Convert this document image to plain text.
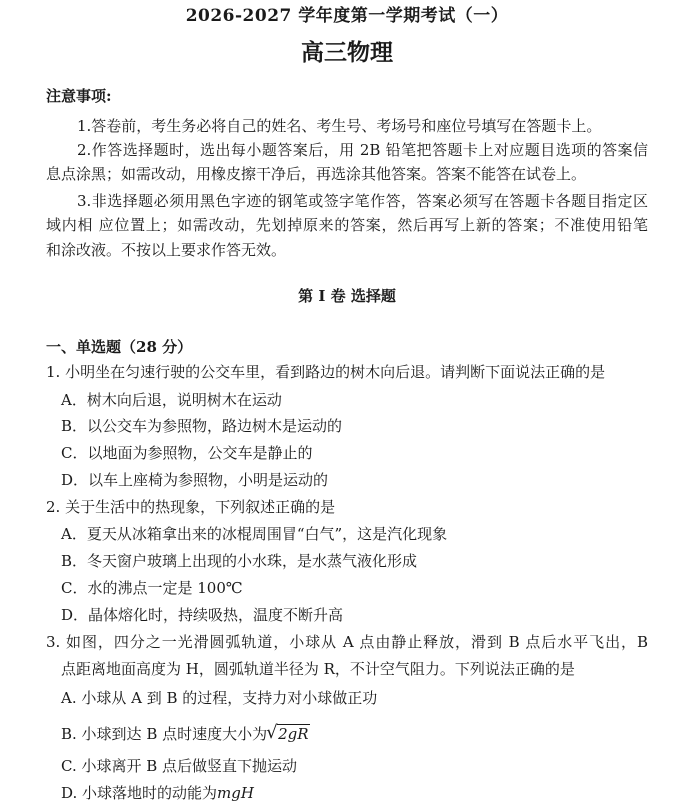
2026-2027 学年度第一学期考试（一）
高三物理
注意事项:
1.答卷前，考生务必将自己的姓名、考生号、考场号和座位号填写在答题卡上。
2.作答选择题时，选出每小题答案后，用 2B 铅笔把答题卡上对应题目选项的答案信
息点涂黑；如需改动，用橡皮擦干净后，再选涂其他答案。答案不能答在试卷上。
3.非选择题必须用黑色字迹的钢笔或签字笔作答，答案必须写在答题卡各题目指定区
域内相 应位置上；如需改动，先划掉原来的答案，然后再写上新的答案；不准使用铅笔
和涂改液。不按以上要求作答无效。
第 I 卷 选择题
一、单选题（28 分）
1. 小明坐在匀速行驶的公交车里，看到路边的树木向后退。请判断下面说法正确的是
A．树木向后退，说明树木在运动
B．以公交车为参照物，路边树木是运动的
C．以地面为参照物，公交车是静止的
D．以车上座椅为参照物，小明是运动的
2. 关于生活中的热现象，下列叙述正确的是
A．夏天从冰箱拿出来的冰棍周围冒“白气”，这是汽化现象
B．冬天窗户玻璃上出现的小水珠，是水蒸气液化形成
C．水的沸点一定是 100℃
D．晶体熔化时，持续吸热，温度不断升高
3. 如图，四分之一光滑圆弧轨道，小球从 A 点由静止释放，滑到 B 点后水平飞出，B
点距离地面高度为 H，圆弧轨道半径为 R，不计空气阻力。下列说法正确的是
A. 小球从 A 到 B 的过程，支持力对小球做正功
B. 小球到达 B 点时速度大小为√ 2gR
C. 小球离开 B 点后做竖直下抛运动
D. 小球落地时的动能为mgH
